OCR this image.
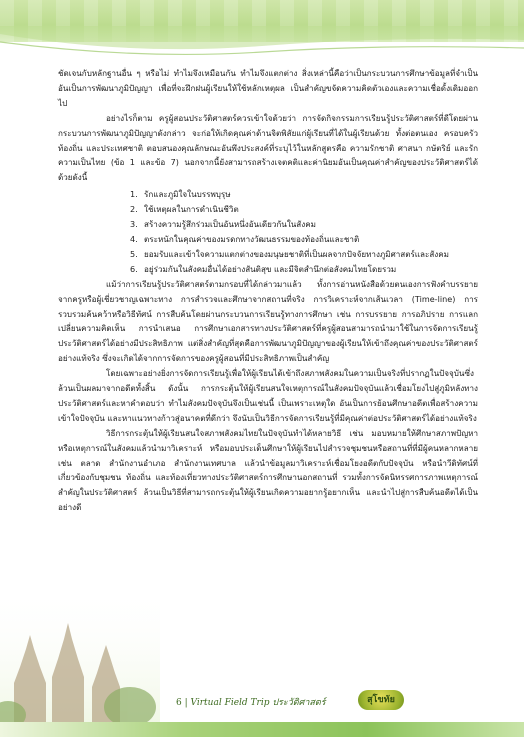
ชัดเจนกับหลักฐานอื่น ๆ หรือไม่ ทำไมจึงเหมือนกัน ทำไมจึงแตกต่าง สิ่งเหล่านี้คือว่าเป็นกระบวนการศึกษาข้อมูลที่จำเป็น อันเป็นการพัฒนาภูมิปัญญา เพื่อที่จะฝึกฝนผู้เรียนให้ใช้หลักเหตุผล เป็นสำคัญขจัดความคิดตัวเองและความเชื่อดั้งเดิมออกไป

อย่างไรก็ตาม ครูผู้สอนประวัติศาสตร์ควรเข้าใจด้วยว่า การจัดกิจกรรมการเรียนรู้ประวัติศาสตร์ที่ดีโดยผ่านกระบวนการพัฒนาภูมิปัญญาดังกล่าว จะก่อให้เกิดคุณค่าด้านจิตพิสัยแก่ผู้เรียนที่ได้ในผู้เรียนด้วย ทั้งต่อตนเอง ครอบครัว ท้องถิ่น และประเทศชาติ ตอบสนองคุณลักษณะอันพึงประสงค์ที่ระบุไว้ในหลักสูตรคือ ความรักชาติ ศาสนา กษัตริย์ และรักความเป็นไทย (ข้อ 1 และข้อ 7) นอกจากนี้ยังสามารถสร้างเจตคติและค่านิยมอันเป็นคุณค่าสำคัญของประวัติศาสตร์ได้ด้วยดังนี้

1. รักและภูมิใจในบรรพบุรุษ
2. ใช้เหตุผลในการดำเนินชีวิต
3. สร้างความรู้สึกร่วมเป็นอันหนึ่งอันเดียวกันในสังคม
4. ตระหนักในคุณค่าของมรดกทางวัฒนธรรมของท้องถิ่นและชาติ
5. ยอมรับและเข้าใจความแตกต่างของมนุษยชาติที่เป็นผลจากปัจจัยทางภูมิศาสตร์และสังคม
6. อยู่ร่วมกันในสังคมอื่นได้อย่างสันติสุข และมีจิตสำนึกต่อสังคมไทยโดยรวม

แม้ว่าการเรียนรู้ประวัติศาสตร์ตามกรอบที่ได้กล่าวมาแล้ว ทั้งการอ่านหนังสือด้วยตนเองการฟังคำบรรยายจากครูหรือผู้เชี่ยวชาญเฉพาะทาง การสำรวจและศึกษาจากสถานที่จริง การวิเคราะห์จากเส้นเวลา (Time-line) การรวบรวมค้นคว้าหรือวิธีทัศน์ การสืบค้นโดยผ่านกระบวนการเรียนรู้ทางการศึกษา เช่น การบรรยาย การอภิปราย การแลกเปลี่ยนความคิดเห็น การนำเสนอ การศึกษาเอกสารทางประวัติศาสตร์ที่ครูผู้สอนสามารถนำมาใช้ในการจัดการเรียนรู้ประวัติศาสตร์ได้อย่างมีประสิทธิภาพ แต่สิ่งสำคัญที่สุดคือการพัฒนาภูมิปัญญาของผู้เรียนให้เข้าถึงคุณค่าของประวัติศาสตร์อย่างแท้จริง ซึ่งจะเกิดได้จากการจัดการของครูผู้สอนที่มีประสิทธิภาพเป็นสำคัญ

โดยเฉพาะอย่างยิ่งการจัดการเรียนรู้เพื่อให้ผู้เรียนได้เข้าถึงสภาพสังคมในความเป็นจริงที่ปรากฏในปัจจุบันซึ่งล้วนเป็นผลมาจากอดีตทั้งสิ้น ดังนั้น การกระตุ้นให้ผู้เรียนสนใจเหตุการณ์ในสังคมปัจจุบันแล้วเชื่อมโยงไปสู่ภูมิหลังทางประวัติศาสตร์และหาคำตอบว่า ทำไมสังคมปัจจุบันจึงเป็นเช่นนี้ เป็นเพราะเหตุใด อันเป็นการย้อนศึกษาอดีตเพื่อสร้างความเข้าใจปัจจุบัน และหาแนวทางก้าวสู่อนาคตที่ดีกว่า จึงนับเป็นวิธีการจัดการเรียนรู้ที่มีคุณค่าต่อประวัติศาสตร์ได้อย่างแท้จริง

วิธีการกระตุ้นให้ผู้เรียนสนใจสภาพสังคมไทยในปัจจุบันทำได้หลายวิธี เช่น มอบหมายให้ศึกษาสภาพปัญหาหรือเหตุการณ์ในสังคมแล้วนำมาวิเคราะห์ หรือมอบประเด็นศึกษาให้ผู้เรียนไปสำรวจชุมชนหรือสถานที่ที่มีผู้คนหลากหลาย เช่น ตลาด สำนักงานอำเภอ สำนักงานเทศบาล แล้วนำข้อมูลมาวิเคราะห์เชื่อมโยงอดีตกับปัจจุบัน หรือนำวีดิทัศน์ที่เกี่ยวข้องกับชุมชน ท้องถิ่น และท้องเที่ยวทางประวัติศาสตร์การศึกษานอกสถานที่ รวมทั้งการจัดนิทรรศการภาพเหตุการณ์สำคัญในประวัติศาสตร์ ล้วนเป็นวิธีที่สามารถกระตุ้นให้ผู้เรียนเกิดความอยากรู้อยากเห็น และนำไปสู่การสืบค้นอดีตได้เป็นอย่างดี

6 | Virtual Field Trip ประวัติศาสตร์	สุโขทัย
